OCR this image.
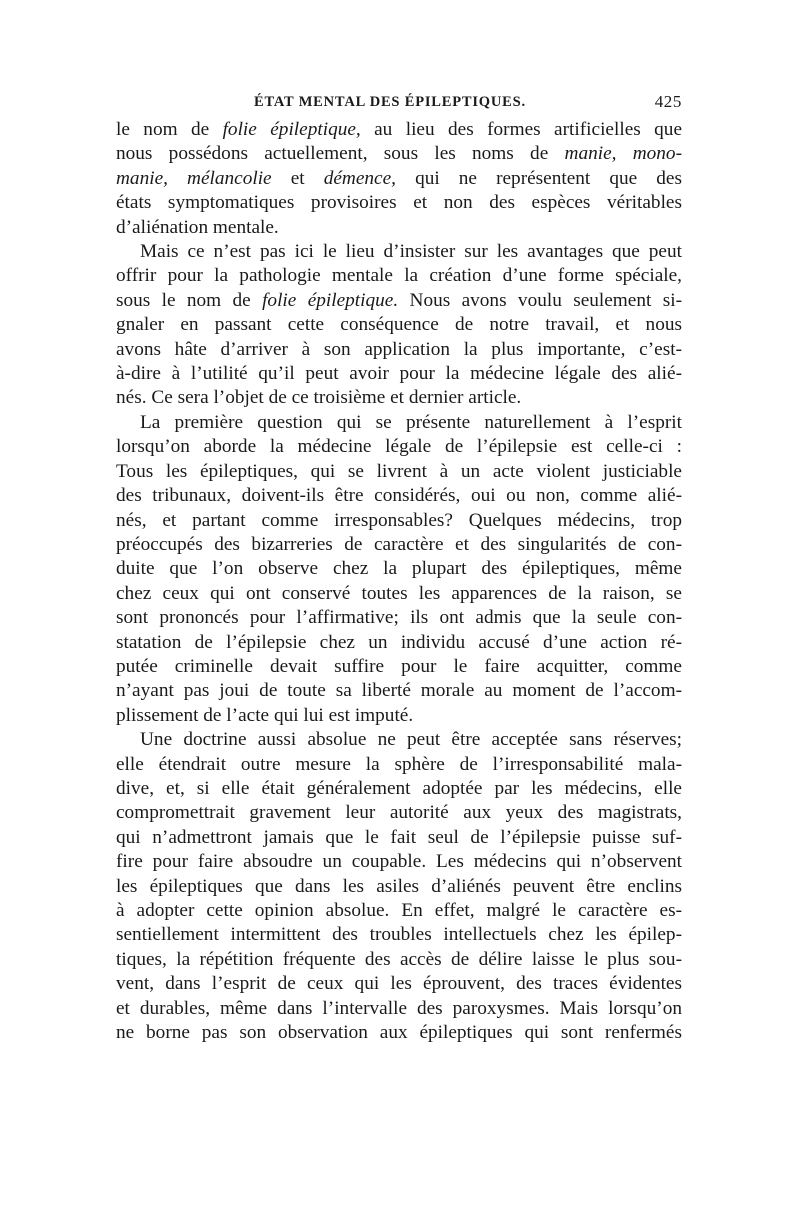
ÉTAT MENTAL DES ÉPILEPTIQUES.	425

le nom de folie épileptique, au lieu des formes artificielles que
nous possédons actuellement, sous les noms de manie, mono-
manie, mélancolie et démence, qui ne représentent que des
états symptomatiques provisoires et non des espèces véritables
d’aliénation mentale.

Mais ce n’est pas ici le lieu d’insister sur les avantages que peut
offrir pour la pathologie mentale la création d’une forme spéciale,
sous le nom de folie épileptique. Nous avons voulu seulement si-
gnaler en passant cette conséquence de notre travail, et nous
avons hâte d’arriver à son application la plus importante, c’est-
à-dire à l’utilité qu’il peut avoir pour la médecine légale des alié-
nés. Ce sera l’objet de ce troisième et dernier article.

La première question qui se présente naturellement à l’esprit
lorsqu’on aborde la médecine légale de l’épilepsie est celle-ci :
Tous les épileptiques, qui se livrent à un acte violent justiciable
des tribunaux, doivent-ils être considérés, oui ou non, comme alié-
nés, et partant comme irresponsables? Quelques médecins, trop
préoccupés des bizarreries de caractère et des singularités de con-
duite que l’on observe chez la plupart des épileptiques, même
chez ceux qui ont conservé toutes les apparences de la raison, se
sont prononcés pour l’affirmative; ils ont admis que la seule con-
statation de l’épilepsie chez un individu accusé d’une action ré-
putée criminelle devait suffire pour le faire acquitter, comme
n’ayant pas joui de toute sa liberté morale au moment de l’accom-
plissement de l’acte qui lui est imputé.

Une doctrine aussi absolue ne peut être acceptée sans réserves;
elle étendrait outre mesure la sphère de l’irresponsabilité mala-
dive, et, si elle était généralement adoptée par les médecins, elle
compromettrait gravement leur autorité aux yeux des magistrats,
qui n’admettront jamais que le fait seul de l’épilepsie puisse suf-
fire pour faire absoudre un coupable. Les médecins qui n’observent
les épileptiques que dans les asiles d’aliénés peuvent être enclins
à adopter cette opinion absolue. En effet, malgré le caractère es-
sentiellement intermittent des troubles intellectuels chez les épilep-
tiques, la répétition fréquente des accès de délire laisse le plus sou-
vent, dans l’esprit de ceux qui les éprouvent, des traces évidentes
et durables, même dans l’intervalle des paroxysmes. Mais lorsqu’on
ne borne pas son observation aux épileptiques qui sont renfermés
